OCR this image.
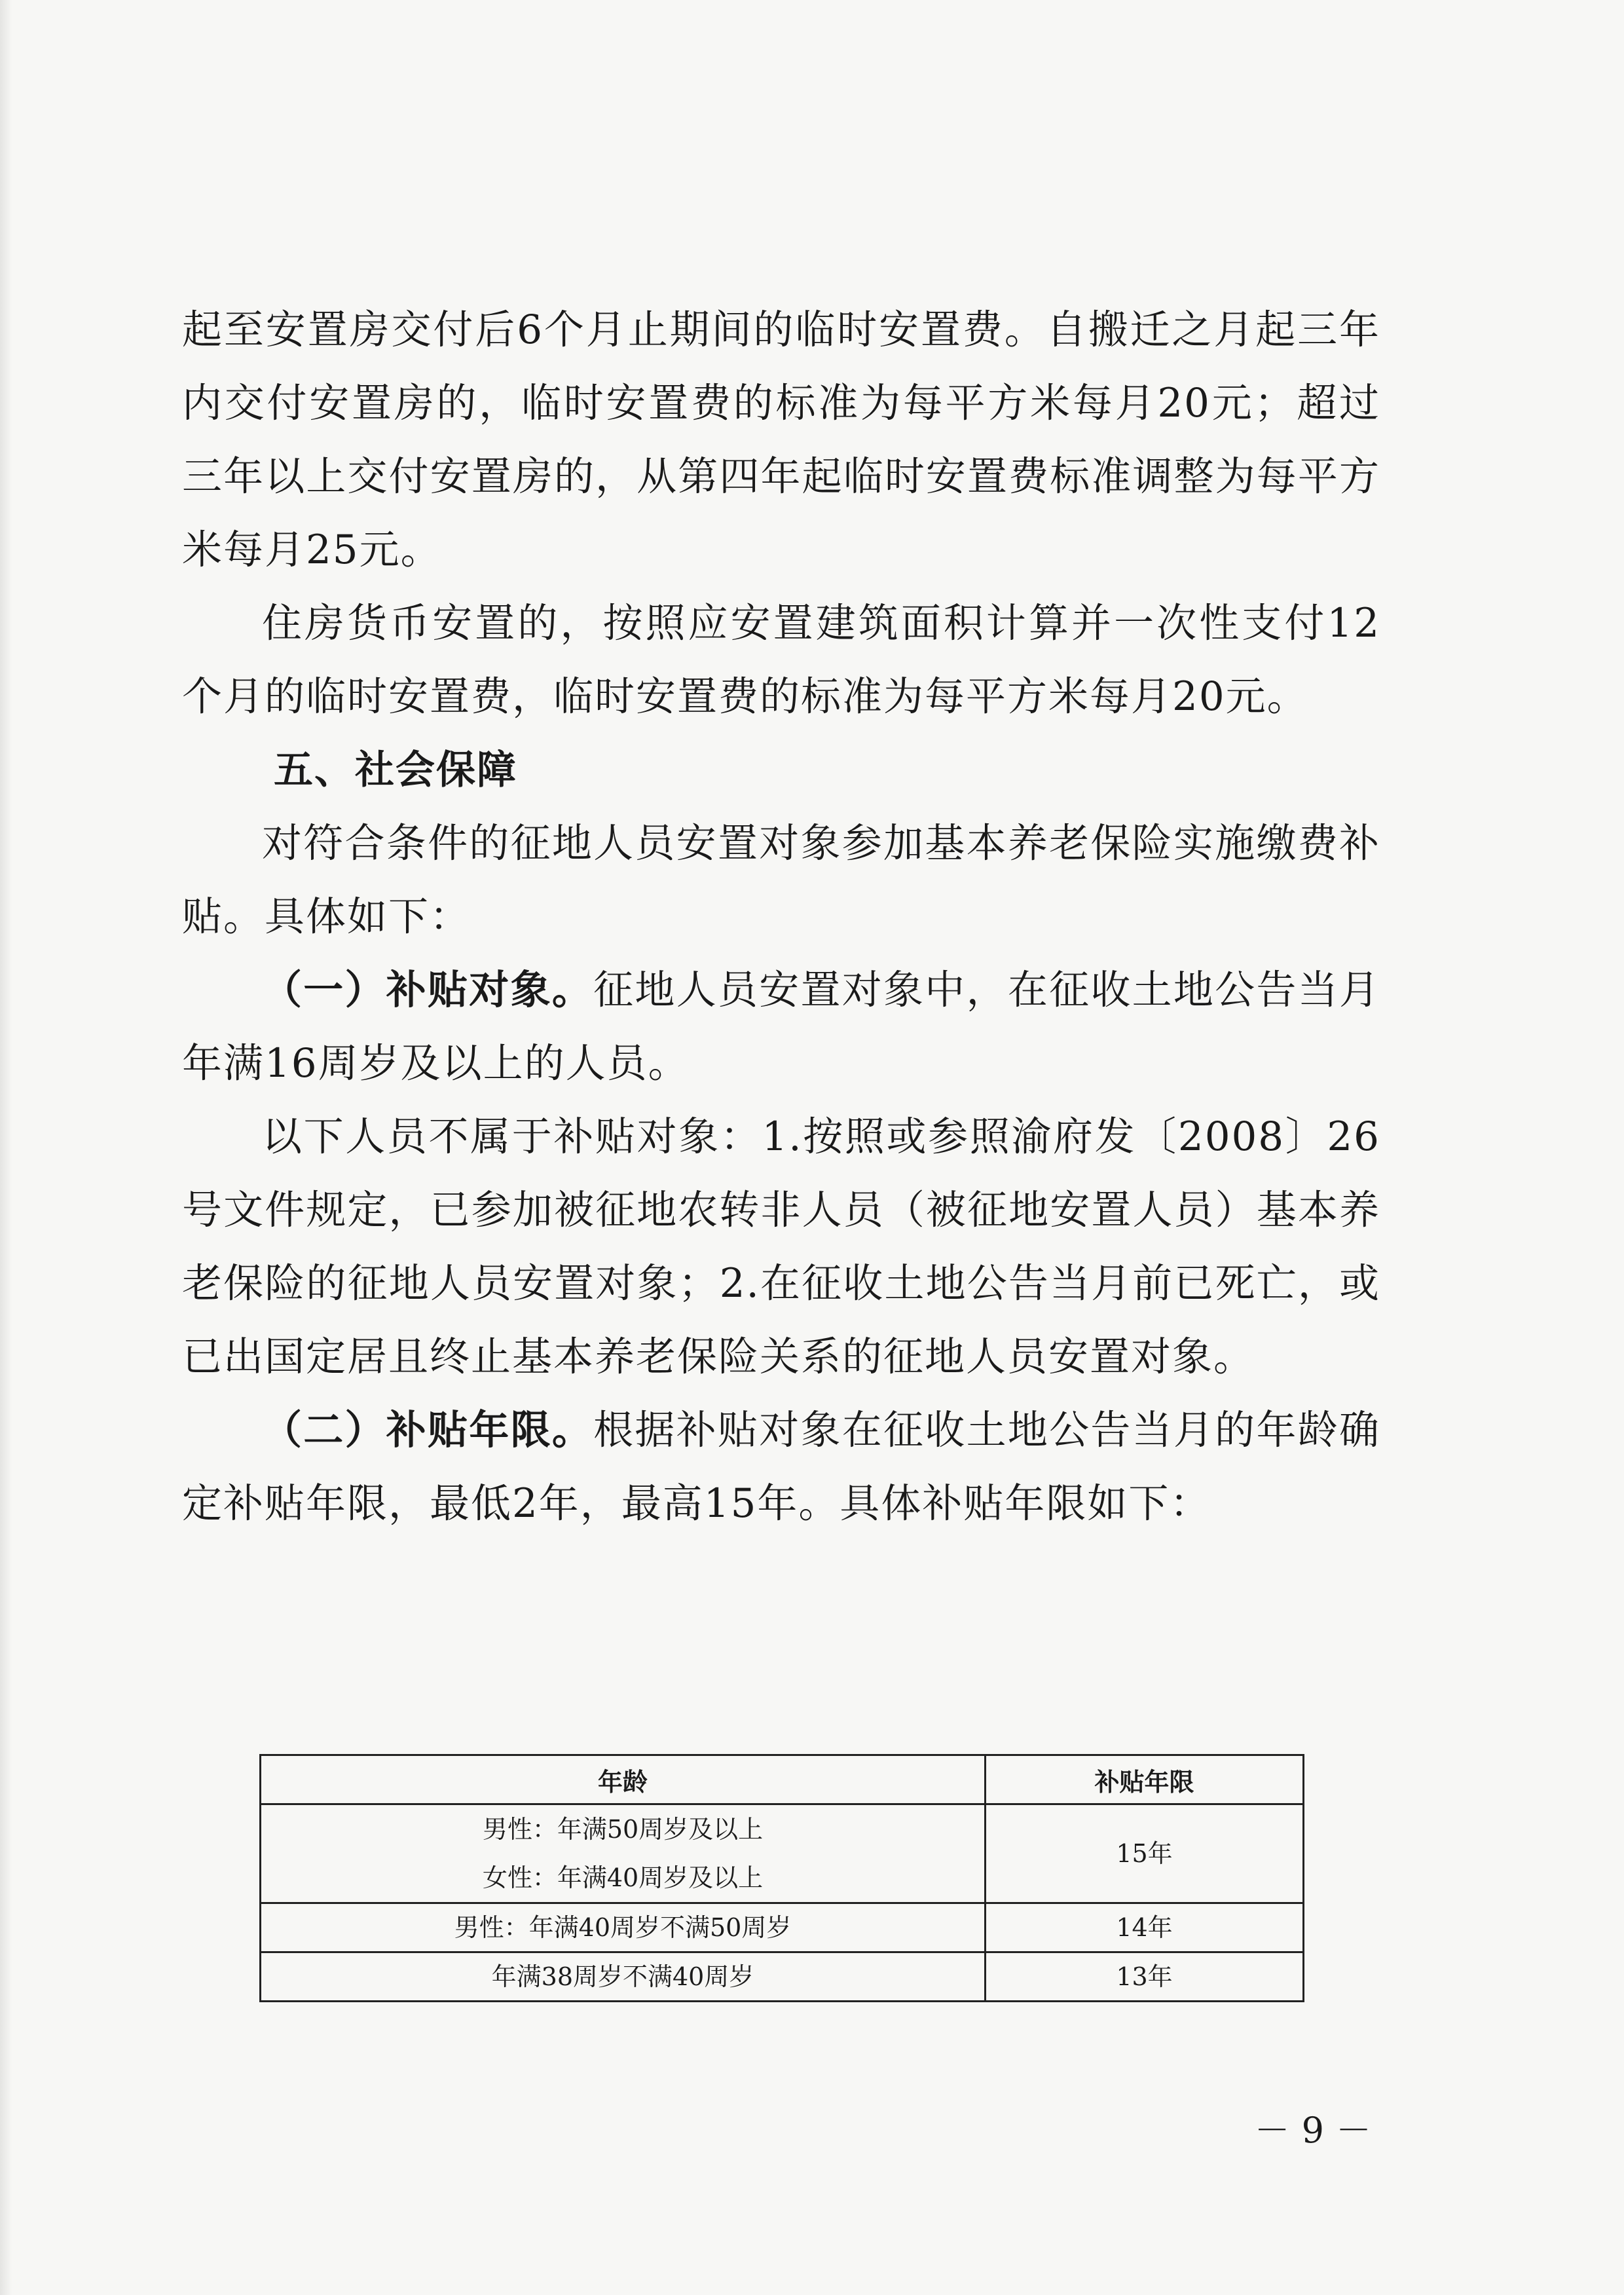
起至安置房交付后6个月止期间的临时安置费。自搬迁之月起三年内交付安置房的，临时安置费的标准为每平方米每月20元；超过三年以上交付安置房的，从第四年起临时安置费标准调整为每平方米每月25元。

住房货币安置的，按照应安置建筑面积计算并一次性支付12个月的临时安置费，临时安置费的标准为每平方米每月20元。

五、社会保障

对符合条件的征地人员安置对象参加基本养老保险实施缴费补贴。具体如下：

（一）补贴对象。征地人员安置对象中，在征收土地公告当月年满16周岁及以上的人员。

以下人员不属于补贴对象：1.按照或参照渝府发〔2008〕26号文件规定，已参加被征地农转非人员（被征地安置人员）基本养老保险的征地人员安置对象；2.在征收土地公告当月前已死亡，或已出国定居且终止基本养老保险关系的征地人员安置对象。

（二）补贴年限。根据补贴对象在征收土地公告当月的年龄确定补贴年限，最低2年，最高15年。具体补贴年限如下：

年龄	补贴年限

男性：年满50周岁及以上
女性：年满40周岁及以上	15年
男性：年满40周岁不满50周岁	14年
年满38周岁不满40周岁	13年
－9－
